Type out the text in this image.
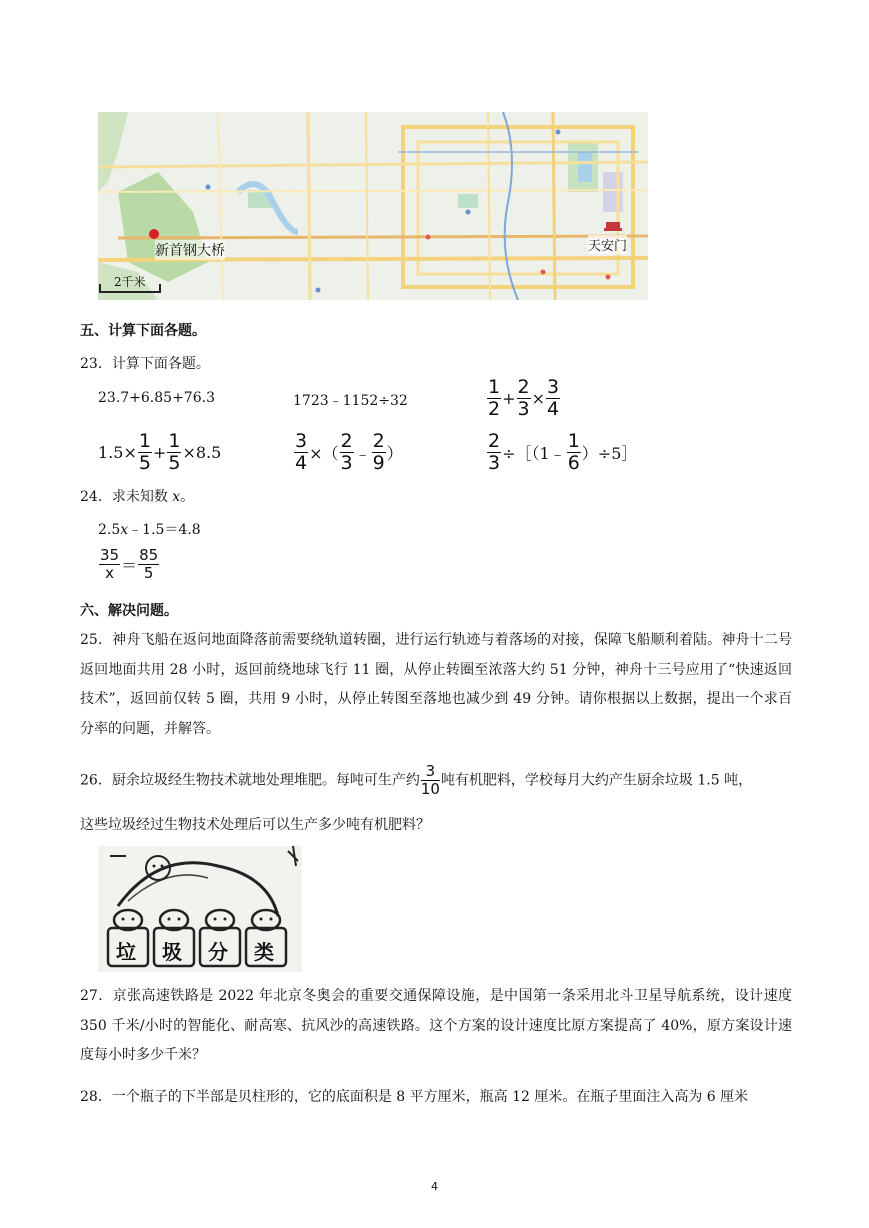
新首钢大桥	天安门
2千米
五、计算下面各题。
23．计算下面各题。
23.7+6.85+76.3	1723﹣1152÷32	$\frac{1}{2} + \frac{2}{3} \times \frac{3}{4}$
$1.5\times \frac{1}{5} + \frac{1}{5} \times 8.5$	$\frac{3}{4}$ ×（ $\frac{2}{3}$ ﹣ $\frac{2}{9}$ ）	$\frac{2}{3}$ ÷［（1﹣ $\frac{1}{6}$ ）÷5］
24．求未知数 x。
2.5x﹣1.5＝4.8
$\frac{35}{x} = \frac{85}{5}$
六、解决问题。
25．神舟飞船在返问地面降落前需要绕轨道转圈，进行运行轨迹与着落场的对接，保障飞船顺利着陆。神舟十二号返回地面共用 28 小时，返回前绕地球飞行 11 圈，从停止转圈至浓落大约 51 分钟，神舟十三号应用了“快速返回技术”，返回前仅转 5 圈，共用 9 小时，从停止转图至落地也减少到 49 分钟。请你根据以上数据，提出一个求百分率的问题，并解答。
26．厨余垃圾经生物技术就地处理堆肥。每吨可生产约 $\frac{3}{10}$ 吨有机肥料，学校每月大约产生厨余垃圾 1.5 吨，
这些垃圾经过生物技术处理后可以生产多少吨有机肥料？
垃 圾 分 类
27．京张高速铁路是 2022 年北京冬奥会的重要交通保障设施，是中国第一条采用北斗卫星导航系统，设计速度 350 千米/小时的智能化、耐高寒、抗风沙的高速铁路。这个方案的设计速度比原方案提高了 40%，原方案设计速度每小时多少千米？
28．一个瓶子的下半部是贝柱形的，它的底面积是 8 平方厘米，瓶高 12 厘米。在瓶子里面注入高为 6 厘米
4
